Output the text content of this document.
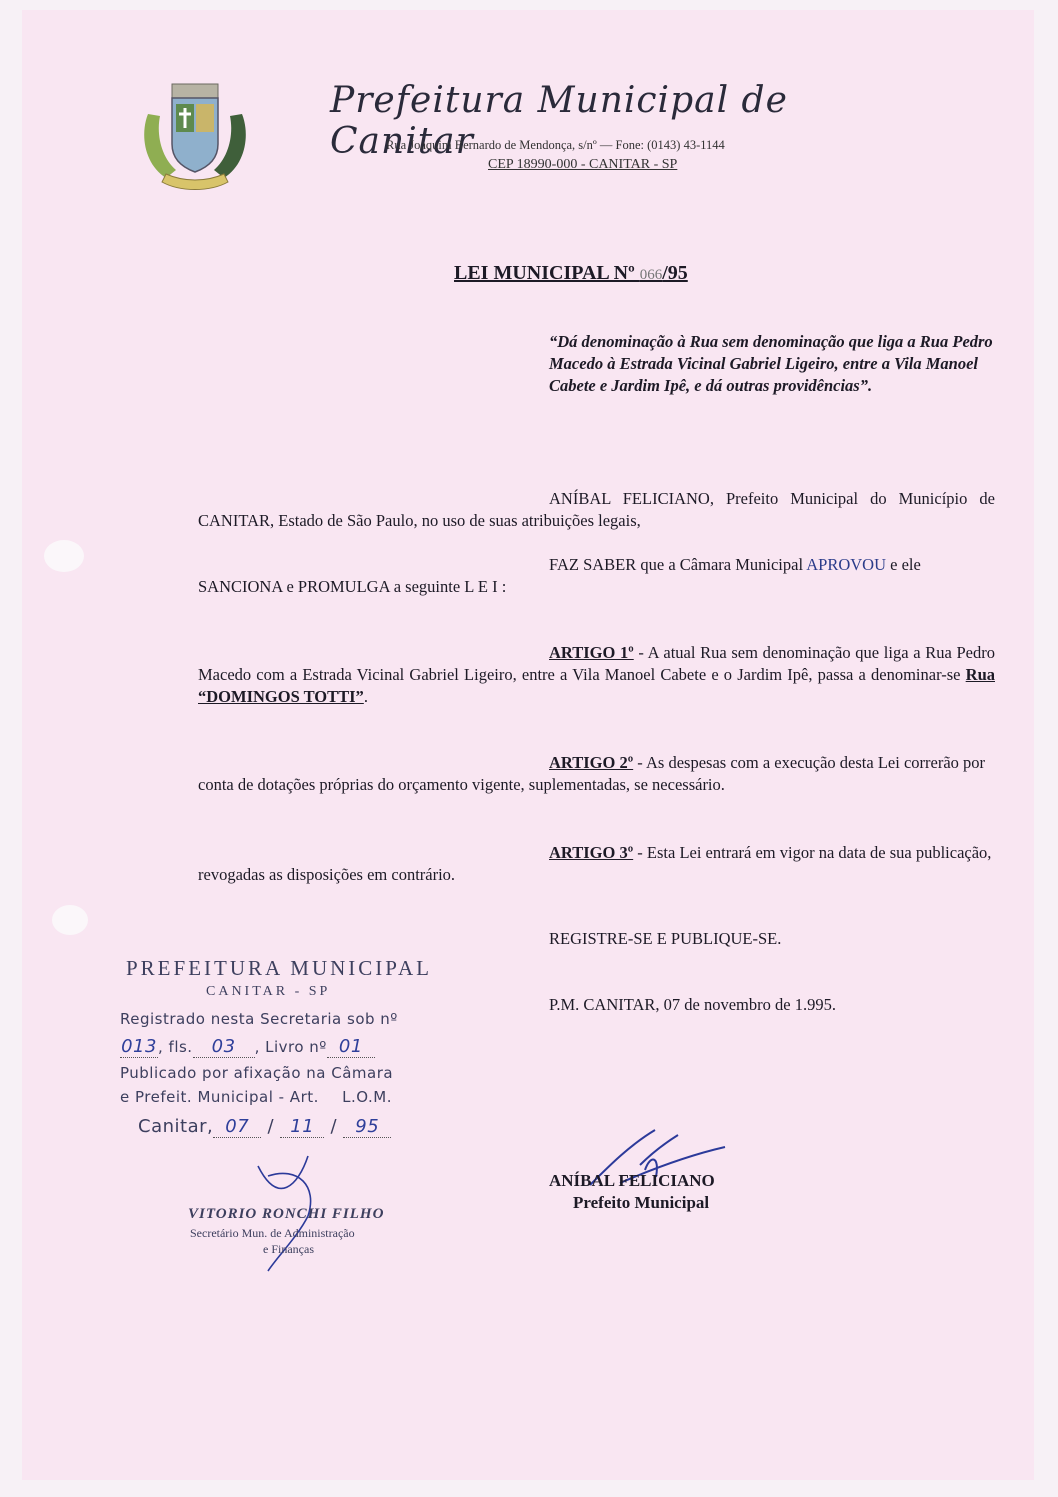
Prefeitura Municipal de Canitar
Rua Joaquim Bernardo de Mendonça, s/nº — Fone: (0143) 43-1144
CEP 18990-000 - CANITAR - SP
LEI MUNICIPAL Nº 066/95
“Dá denominação à Rua sem denominação que liga a Rua Pedro Macedo à Estrada Vicinal Gabriel Ligeiro, entre a Vila Manoel Cabete e Jardim Ipê, e dá outras providências”.
ANÍBAL FELICIANO, Prefeito Municipal do Município de CANITAR, Estado de São Paulo, no uso de suas atribuições legais,
FAZ SABER que a Câmara Municipal APROVOU e ele SANCIONA e PROMULGA a seguinte L E I :
ARTIGO 1º - A atual Rua sem denominação que liga a Rua Pedro Macedo com a Estrada Vicinal Gabriel Ligeiro, entre a Vila Manoel Cabete e o Jardim Ipê, passa a denominar-se Rua “DOMINGOS TOTTI”.
ARTIGO 2º - As despesas com a execução desta Lei correrão por conta de dotações próprias do orçamento vigente, suplementadas, se necessário.
ARTIGO 3º - Esta Lei entrará em vigor na data de sua publicação, revogadas as disposições em contrário.
REGISTRE-SE E PUBLIQUE-SE.
P.M. CANITAR, 07 de novembro de 1.995.
ANÍBAL FELICIANO
Prefeito Municipal
PREFEITURA MUNICIPAL
CANITAR - SP
Registrado nesta Secretaria sob nº
013, fls. 03 , Livro nº 01
Publicado por afixação na Câmara
e Prefeit. Municipal - Art. L.O.M.
Canitar, 07 / 11 / 95
VITORIO RONCHI FILHO
Secretário Mun. de Administração
e Finanças
